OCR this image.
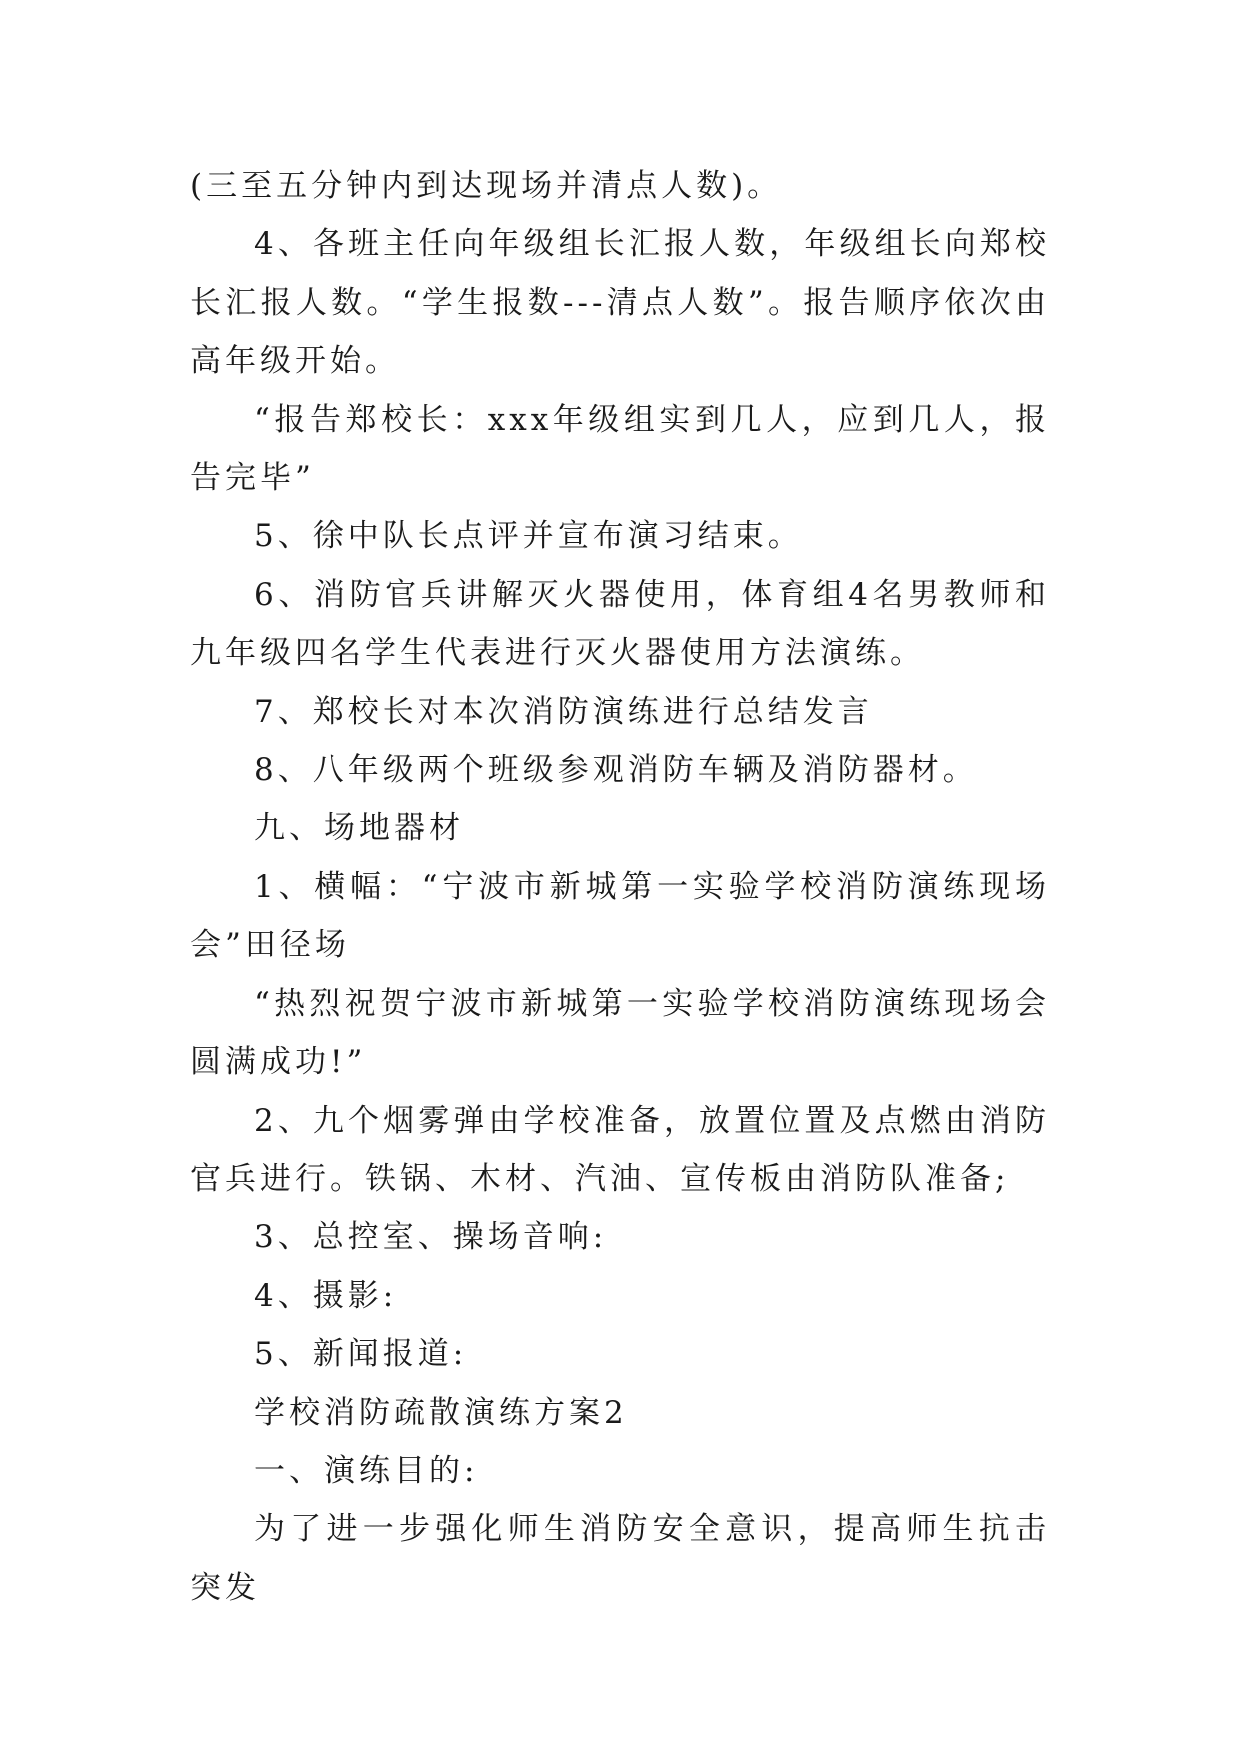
(三至五分钟内到达现场并清点人数)。

4、各班主任向年级组长汇报人数，年级组长向郑校长汇报人数。“学生报数---清点人数”。报告顺序依次由高年级开始。

“报告郑校长：xxx年级组实到几人，应到几人，报告完毕”

5、徐中队长点评并宣布演习结束。

6、消防官兵讲解灭火器使用，体育组4名男教师和九年级四名学生代表进行灭火器使用方法演练。

7、郑校长对本次消防演练进行总结发言

8、八年级两个班级参观消防车辆及消防器材。

九、场地器材

1、横幅：“宁波市新城第一实验学校消防演练现场会”田径场

“热烈祝贺宁波市新城第一实验学校消防演练现场会圆满成功!”

2、九个烟雾弹由学校准备，放置位置及点燃由消防官兵进行。铁锅、木材、汽油、宣传板由消防队准备;

3、总控室、操场音响:

4、摄影:

5、新闻报道:

学校消防疏散演练方案2

一、演练目的:

为了进一步强化师生消防安全意识，提高师生抗击突发
